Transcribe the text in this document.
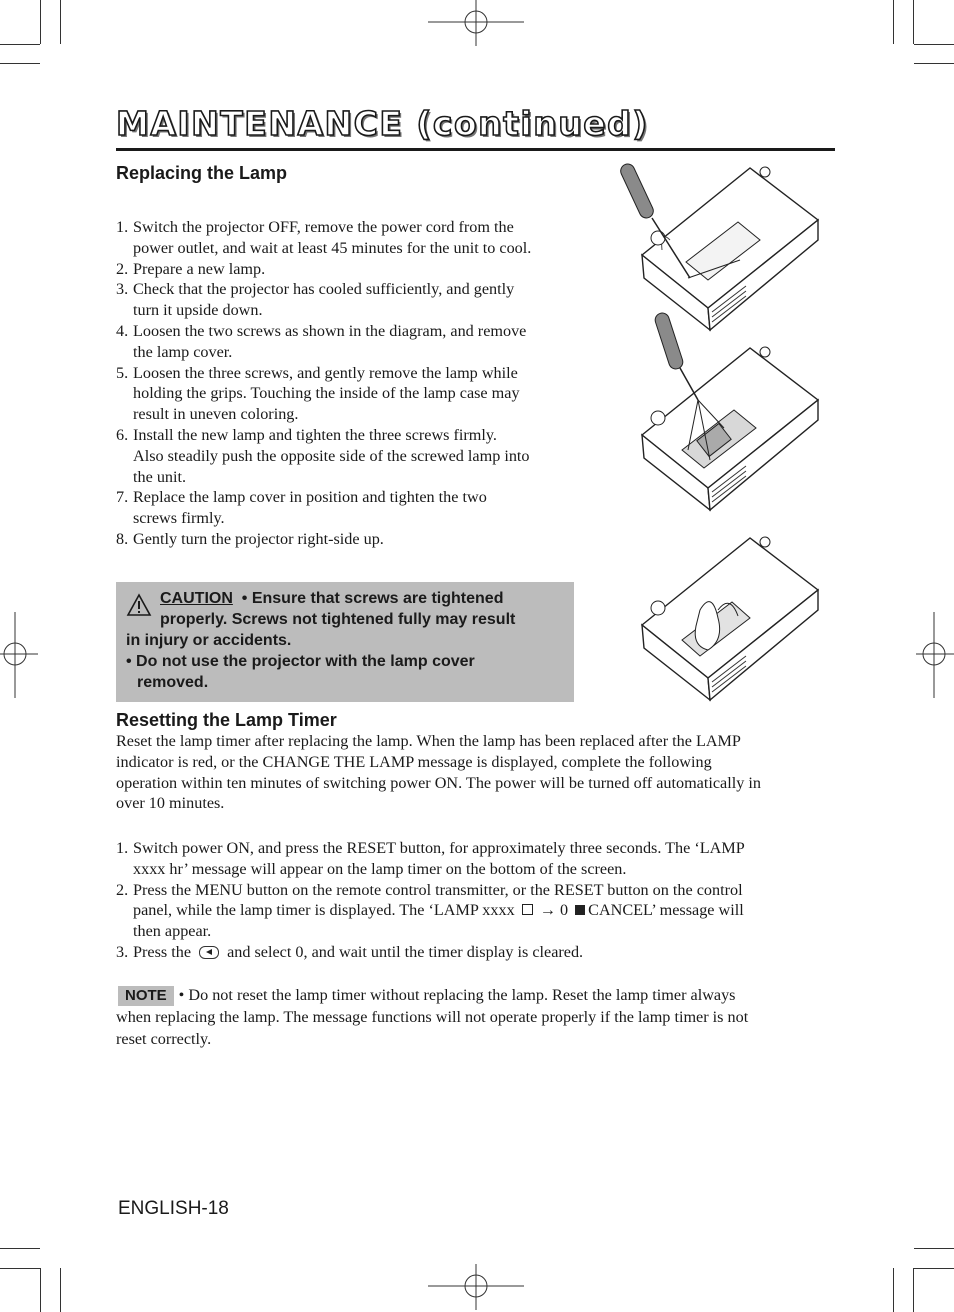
MAINTENANCE (continued)
Replacing the Lamp
1. Switch the projector OFF, remove the power cord from the
power outlet, and wait at least 45 minutes for the unit to cool.
2. Prepare a new lamp.
3. Check that the projector has cooled sufficiently, and gently
turn it upside down.
4. Loosen the two screws as shown in the diagram, and remove
the lamp cover.
5. Loosen the three screws, and gently remove the lamp while
holding the grips. Touching the inside of the lamp case may
result in uneven coloring.
6. Install the new lamp and tighten the three screws firmly.
Also steadily push the opposite side of the screwed lamp into
the unit.
7. Replace the lamp cover in position and tighten the two
screws firmly.
8. Gently turn the projector right-side up.
CAUTION • Ensure that screws are tightened
properly. Screws not tightened fully may result
in injury or accidents.
• Do not use the projector with the lamp cover
removed.
Resetting the Lamp Timer
Reset the lamp timer after replacing the lamp. When the lamp has been replaced after the LAMP
indicator is red, or the CHANGE THE LAMP message is displayed, complete the following
operation within ten minutes of switching power ON. The power will be turned off automatically in
over 10 minutes.
1. Switch power ON, and press the RESET button, for approximately three seconds. The ‘LAMP
xxxx hr’ message will appear on the lamp timer on the bottom of the screen.
2. Press the MENU button on the remote control transmitter, or the RESET button on the control
panel, while the lamp timer is displayed. The ‘LAMP xxxx → 0 CANCEL’ message will
then appear.
3. Press the and select 0, and wait until the timer display is cleared.
NOTE • Do not reset the lamp timer without replacing the lamp. Reset the lamp timer always
when replacing the lamp. The message functions will not operate properly if the lamp timer is not
reset correctly.
ENGLISH-18
